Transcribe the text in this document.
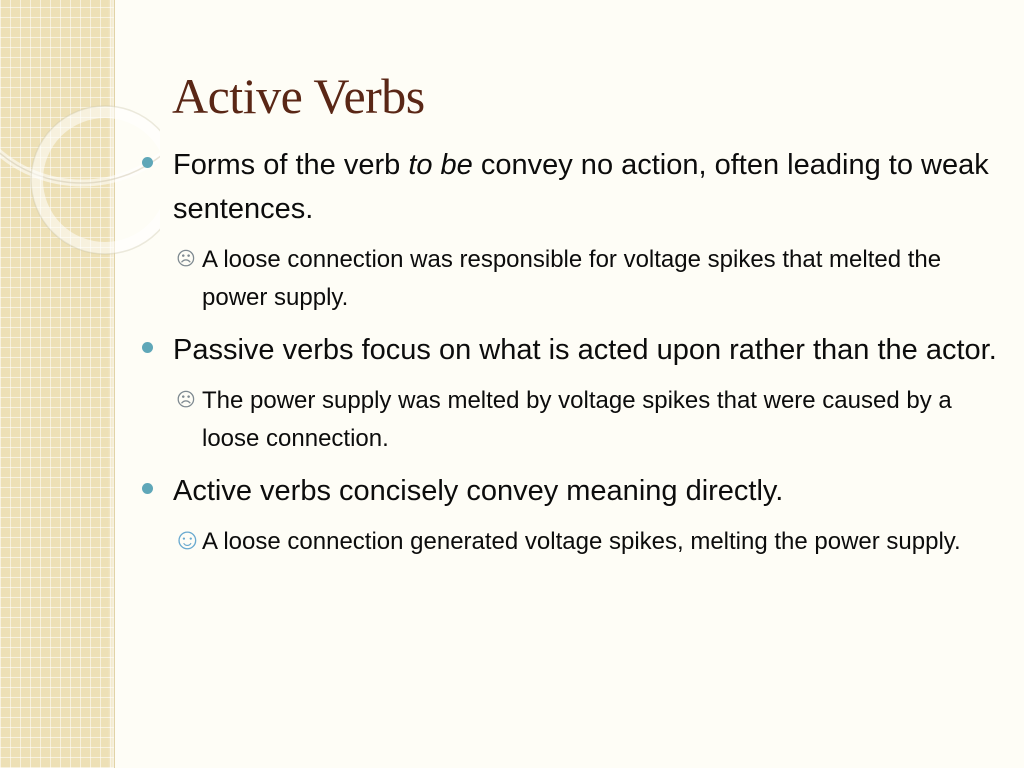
Active Verbs
Forms of the verb to be convey no action, often leading to weak sentences.
☹ A loose connection was responsible for voltage spikes that melted the power supply.
Passive verbs focus on what is acted upon rather than the actor.
☹ The power supply was melted by voltage spikes that were caused by a loose connection.
Active verbs concisely convey meaning directly.
☺ A loose connection generated voltage spikes, melting the power supply.
